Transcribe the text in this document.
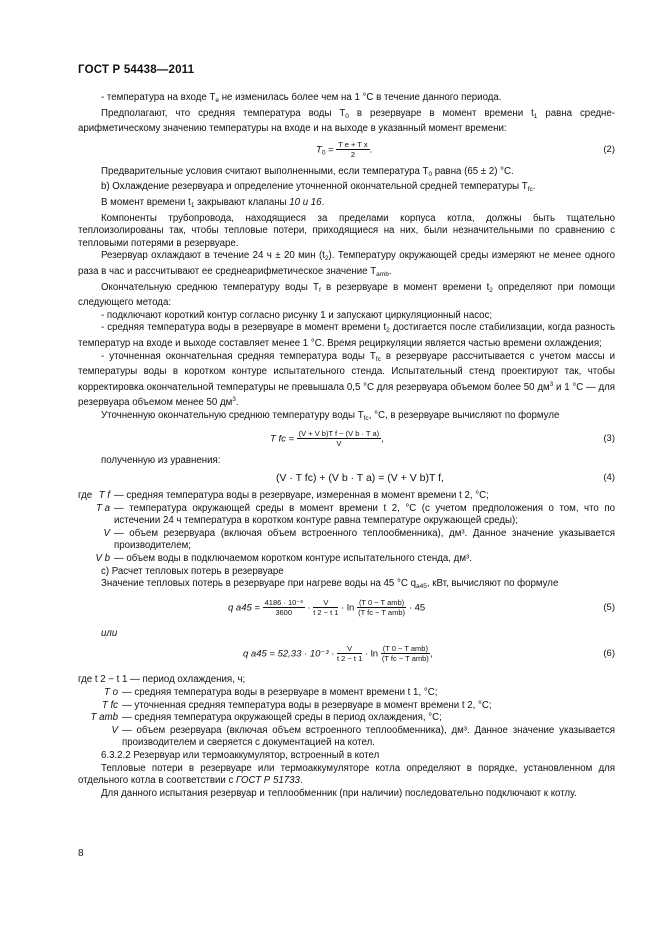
ГОСТ Р 54438—2011

- температура на входе $T_e$ не изменилась более чем на 1 °С в течение данного периода.

Предполагают, что средняя температура воды $T_0$ в резервуаре в момент времени $t_1$ равна средне-арифметическому значению температуры на входе и на выходе в указанный момент времени:

$T_0 = \frac{\text{T e + T x}}{2}$ .	(2)

Предварительные условия считают выполненными, если температура $T_0$ равна (65 ± 2) °С.

b) Охлаждение резервуара и определение уточненной окончательной средней температуры $T_{fc}$.

В момент времени $t_1$ закрывают клапаны 10 и 16.

Компоненты трубопровода, находящиеся за пределами корпуса котла, должны быть тщательно теплоизолированы так, чтобы тепловые потери, приходящиеся на них, были незначительными по сравнению с тепловыми потерями в резервуаре.

Резервуар охлаждают в течение 24 ч ± 20 мин $(t_2)$. Температуру окружающей среды измеряют не менее одного раза в час и рассчитывают ее среднеарифметическое значение $T_{amb}$.

Окончательную среднюю температуру воды $T_f$ в резервуаре в момент времени $t_2$ определяют при помощи следующего метода:

- подключают короткий контур согласно рисунку 1 и запускают циркуляционный насос;

- средняя температура воды в резервуаре в момент времени $t_2$ достигается после стабилизации, когда разность температур на входе и выходе составляет менее 1 °С. Время рециркуляции является частью времени охлаждения;

- уточненная окончательная средняя температура воды $T_{fc}$ в резервуаре рассчитывается с учетом массы и температуры воды в коротком контуре испытательного стенда. Испытательный стенд проектируют так, чтобы корректировка окончательной температуры не превышала 0,5 °С для резервуара объемом более 50 $дм^3$ и 1 °С — для резервуара объемом менее 50 $дм^3$.

Уточненную окончательную среднюю температуру воды $T_{fc}$, °С, в резервуаре вычисляют по формуле

T fc = $\frac{\text{(V + V b)T f − (V b · T a)}}{V}$ ,	(3)

полученную из уравнения:

(V · T fc) + (V b · T a) = (V + V b)T f,	(4)
где T f — средняя температура воды в резервуаре, измеренная в момент времени t 2, °С;
T a — температура окружающей среды в момент времени t 2, °С (с учетом предположения о том, что по истечении 24 ч температура в коротком контуре равна температуре окружающей среды);
V — объем резервуара (включая объем встроенного теплообменника), дм³. Данное значение указывается производителем;
V b — объем воды в подключаемом коротком контуре испытательного стенда, дм³.

c) Расчет тепловых потерь в резервуаре

Значение тепловых потерь в резервуаре при нагреве воды на 45 °С $q_{a45}$, кВт, вычисляют по формуле

q $a45 = \frac{\text{4186 · 10⁻³}}{3600} \cdot \frac{V}{t 2 - t 1} \cdot \ln \frac{\text{(T 0 − T amb)}}{\text{(T fc − T amb)}} \cdot 45$	(5)

или

q $a45 = 52,33 \cdot 10^{-3} \cdot \frac{V}{t 2 - t 1} \cdot \ln \frac{\text{(T 0 − T amb)}}{\text{(T fc − T amb)}}$ ,	(6)

где t 2 − t 1 — период охлаждения, ч;

T o — средняя температура воды в резервуаре в момент времени t 1, °С;
T fc — уточненная средняя температура воды в резервуаре в момент времени t 2, °С;
T amb — средняя температура окружающей среды в период охлаждения, °С;
V — объем резервуара (включая объем встроенного теплообменника), дм³. Данное значение указывается производителем и сверяется с документацией на котел.

6.3.2.2 Резервуар или термоаккумулятор, встроенный в котел

Тепловые потери в резервуаре или термоаккумуляторе котла определяют в порядке, установленном для отдельного котла в соответствии с ГОСТ Р 51733.

Для данного испытания резервуар и теплообменник (при наличии) последовательно подключают к котлу.

8
